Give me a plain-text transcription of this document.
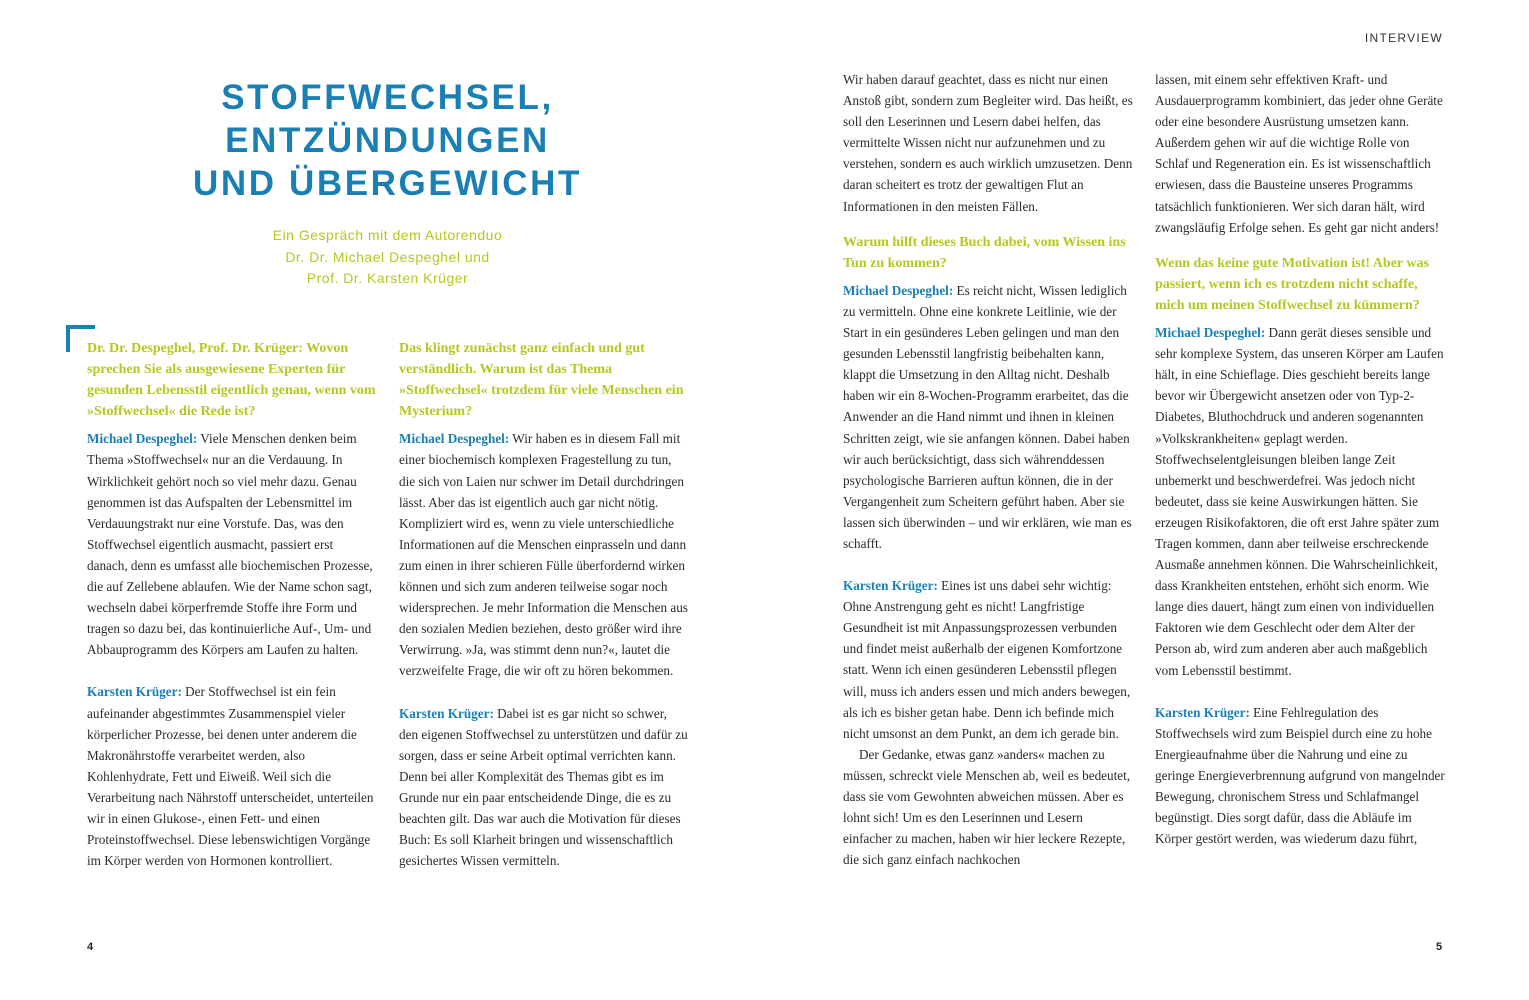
INTERVIEW
STOFFWECHSEL,
ENTZÜNDUNGEN
UND ÜBERGEWICHT
Ein Gespräch mit dem Autorenduo
Dr. Dr. Michael Despeghel und
Prof. Dr. Karsten Krüger

Dr. Dr. Despeghel, Prof. Dr. Krüger: Wovon sprechen Sie als ausgewiesene Experten für gesunden Lebensstil eigentlich genau, wenn vom »Stoffwechsel« die Rede ist?

Michael Despeghel: Viele Menschen denken beim Thema »Stoffwechsel« nur an die Verdauung. In Wirklichkeit gehört noch so viel mehr dazu. Genau genommen ist das Aufspalten der Lebensmittel im Verdauungstrakt nur eine Vorstufe. Das, was den Stoffwechsel eigentlich ausmacht, passiert erst danach, denn es umfasst alle biochemischen Prozesse, die auf Zellebene ablaufen. Wie der Name schon sagt, wechseln dabei körperfremde Stoffe ihre Form und tragen so dazu bei, das kontinuierliche Auf-, Um- und Abbauprogramm des Körpers am Laufen zu halten.

Karsten Krüger: Der Stoffwechsel ist ein fein aufeinander abgestimmtes Zusammenspiel vieler körperlicher Prozesse, bei denen unter anderem die Makronährstoffe verarbeitet werden, also Kohlenhydrate, Fett und Eiweiß. Weil sich die Verarbeitung nach Nährstoff unterscheidet, unterteilen wir in einen Glukose-, einen Fett- und einen Proteinstoffwechsel. Diese lebenswichtigen Vorgänge im Körper werden von Hormonen kontrolliert.

Das klingt zunächst ganz einfach und gut verständlich. Warum ist das Thema »Stoffwechsel« trotzdem für viele Menschen ein Mysterium?

Michael Despeghel: Wir haben es in diesem Fall mit einer biochemisch komplexen Fragestellung zu tun, die sich von Laien nur schwer im Detail durchdringen lässt. Aber das ist eigentlich auch gar nicht nötig. Kompliziert wird es, wenn zu viele unterschiedliche Informationen auf die Menschen einprasseln und dann zum einen in ihrer schieren Fülle überfordernd wirken können und sich zum anderen teilweise sogar noch widersprechen. Je mehr Information die Menschen aus den sozialen Medien beziehen, desto größer wird ihre Verwirrung. »Ja, was stimmt denn nun?«, lautet die verzweifelte Frage, die wir oft zu hören bekommen.

Karsten Krüger: Dabei ist es gar nicht so schwer, den eigenen Stoffwechsel zu unterstützen und dafür zu sorgen, dass er seine Arbeit optimal verrichten kann. Denn bei aller Komplexität des Themas gibt es im Grunde nur ein paar entscheidende Dinge, die es zu beachten gilt. Das war auch die Motivation für dieses Buch: Es soll Klarheit bringen und wissenschaftlich gesichertes Wissen vermitteln.

Wir haben darauf geachtet, dass es nicht nur einen Anstoß gibt, sondern zum Begleiter wird. Das heißt, es soll den Leserinnen und Lesern dabei helfen, das vermittelte Wissen nicht nur aufzunehmen und zu verstehen, sondern es auch wirklich umzusetzen. Denn daran scheitert es trotz der gewaltigen Flut an Informationen in den meisten Fällen.

Warum hilft dieses Buch dabei, vom Wissen ins Tun zu kommen?

Michael Despeghel: Es reicht nicht, Wissen lediglich zu vermitteln. Ohne eine konkrete Leitlinie, wie der Start in ein gesünderes Leben gelingen und man den gesunden Lebensstil langfristig beibehalten kann, klappt die Umsetzung in den Alltag nicht. Deshalb haben wir ein 8-Wochen-Programm erarbeitet, das die Anwender an die Hand nimmt und ihnen in kleinen Schritten zeigt, wie sie anfangen können. Dabei haben wir auch berücksichtigt, dass sich währenddessen psychologische Barrieren auftun können, die in der Vergangenheit zum Scheitern geführt haben. Aber sie lassen sich überwinden – und wir erklären, wie man es schafft.

Karsten Krüger: Eines ist uns dabei sehr wichtig: Ohne Anstrengung geht es nicht! Langfristige Gesundheit ist mit Anpassungsprozessen verbunden und findet meist außerhalb der eigenen Komfortzone statt. Wenn ich einen gesünderen Lebensstil pflegen will, muss ich anders essen und mich anders bewegen, als ich es bisher getan habe. Denn ich befinde mich nicht umsonst an dem Punkt, an dem ich gerade bin.

Der Gedanke, etwas ganz »anders« machen zu müssen, schreckt viele Menschen ab, weil es bedeutet, dass sie vom Gewohnten abweichen müssen. Aber es lohnt sich! Um es den Leserinnen und Lesern einfacher zu machen, haben wir hier leckere Rezepte, die sich ganz einfach nachkochen

lassen, mit einem sehr effektiven Kraft- und Ausdauerprogramm kombiniert, das jeder ohne Geräte oder eine besondere Ausrüstung umsetzen kann. Außerdem gehen wir auf die wichtige Rolle von Schlaf und Regeneration ein. Es ist wissenschaftlich erwiesen, dass die Bausteine unseres Programms tatsächlich funktionieren. Wer sich daran hält, wird zwangsläufig Erfolge sehen. Es geht gar nicht anders!

Wenn das keine gute Motivation ist! Aber was passiert, wenn ich es trotzdem nicht schaffe, mich um meinen Stoffwechsel zu kümmern?

Michael Despeghel: Dann gerät dieses sensible und sehr komplexe System, das unseren Körper am Laufen hält, in eine Schieflage. Dies geschieht bereits lange bevor wir Übergewicht ansetzen oder von Typ-2-Diabetes, Bluthochdruck und anderen sogenannten »Volkskrankheiten« geplagt werden. Stoffwechselentgleisungen bleiben lange Zeit unbemerkt und beschwerdefrei. Was jedoch nicht bedeutet, dass sie keine Auswirkungen hätten. Sie erzeugen Risikofaktoren, die oft erst Jahre später zum Tragen kommen, dann aber teilweise erschreckende Ausmaße annehmen können. Die Wahrscheinlichkeit, dass Krankheiten entstehen, erhöht sich enorm. Wie lange dies dauert, hängt zum einen von individuellen Faktoren wie dem Geschlecht oder dem Alter der Person ab, wird zum anderen aber auch maßgeblich vom Lebensstil bestimmt.

Karsten Krüger: Eine Fehlregulation des Stoffwechsels wird zum Beispiel durch eine zu hohe Energieaufnahme über die Nahrung und eine zu geringe Energieverbrennung aufgrund von mangelnder Bewegung, chronischem Stress und Schlafmangel begünstigt. Dies sorgt dafür, dass die Abläufe im Körper gestört werden, was wiederum dazu führt,

4	5
